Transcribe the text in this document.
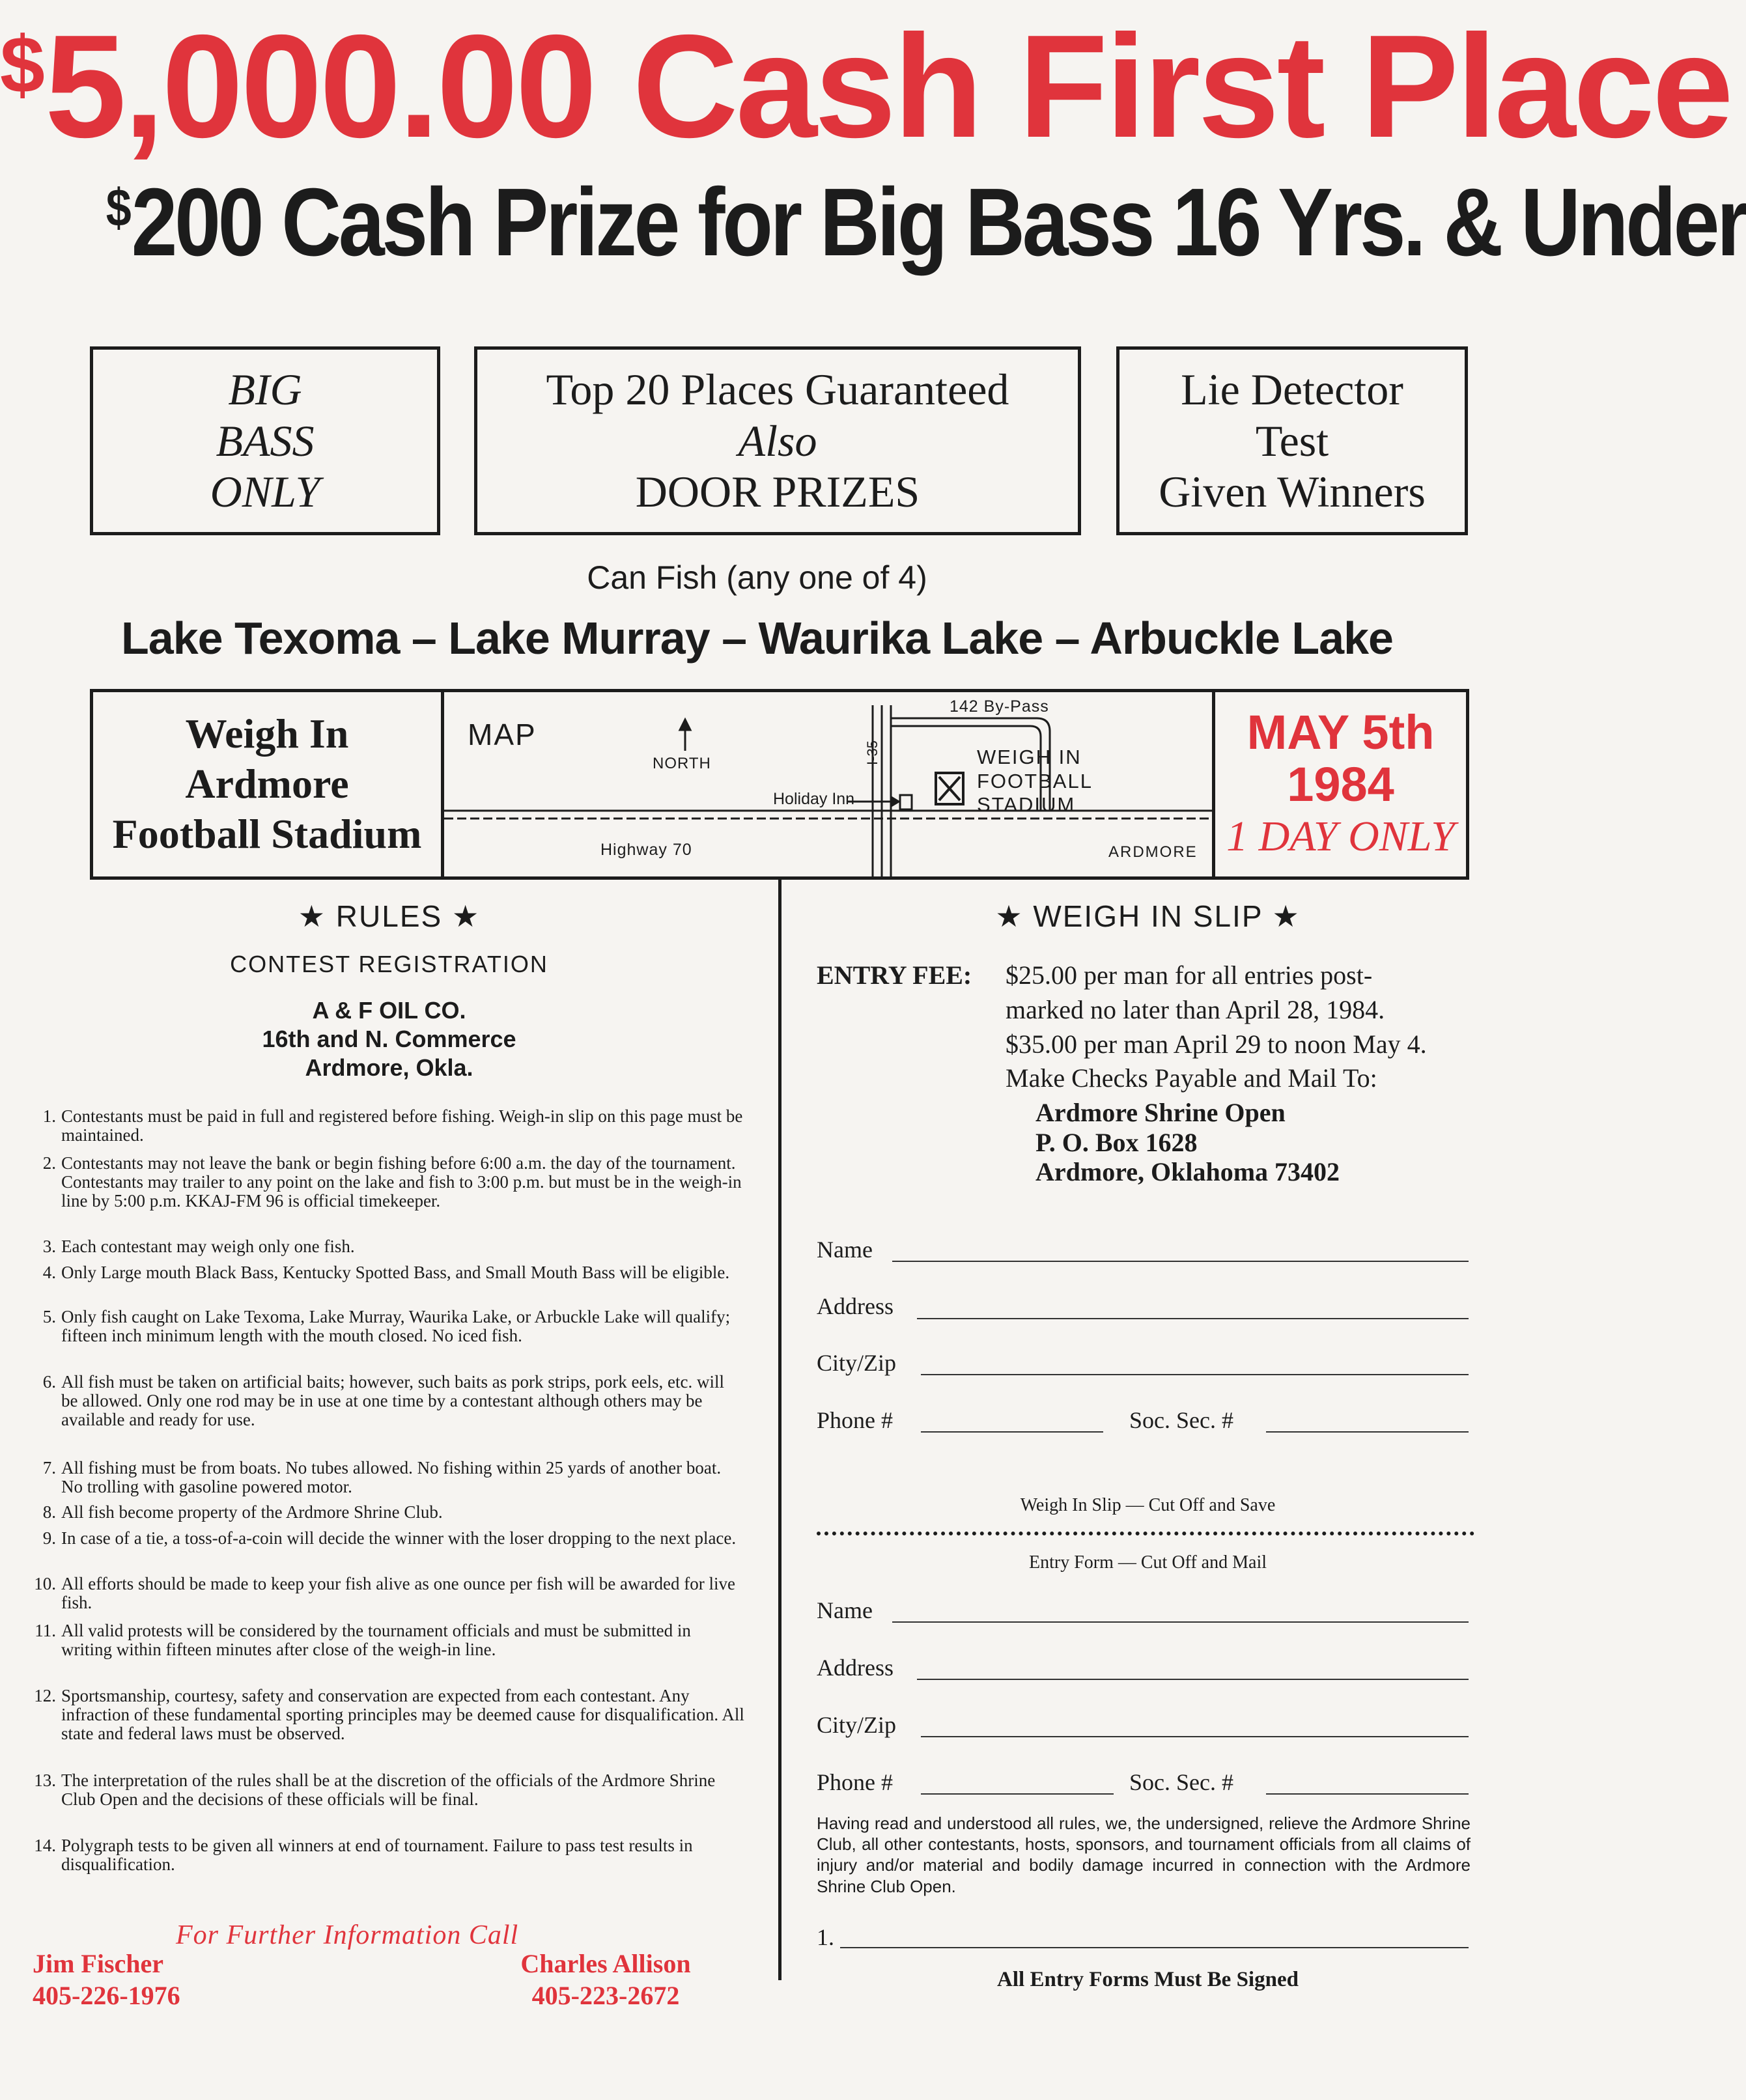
$5,000.00 Cash First Place
$200 Cash Prize for Big Bass 16 Yrs. & Under
BIG
BASS
ONLY
Top 20 Places Guaranteed
Also
DOOR PRIZES
Lie Detector
Test
Given Winners
Can Fish (any one of 4)
Lake Texoma – Lake Murray – Waurika Lake – Arbuckle Lake
Weigh In
Ardmore
Football Stadium
MAP
NORTH
142 By-Pass
I-35
Holiday Inn
WEIGH IN
FOOTBALL
STADIUM
Highway 70	ARDMORE
MAY 5th
1984
1 DAY ONLY
★ RULES ★
CONTEST REGISTRATION
A & F OIL CO.
16th and N. Commerce
Ardmore, Okla.
1. Contestants must be paid in full and registered before fishing. Weigh-in slip on this page must be maintained.
2. Contestants may not leave the bank or begin fishing before 6:00 a.m. the day of the tournament. Contestants may trailer to any point on the lake and fish to 3:00 p.m. but must be in the weigh-in line by 5:00 p.m. KKAJ-FM 96 is official timekeeper.
3. Each contestant may weigh only one fish.
4. Only Large mouth Black Bass, Kentucky Spotted Bass, and Small Mouth Bass will be eligible.
5. Only fish caught on Lake Texoma, Lake Murray, Waurika Lake, or Arbuckle Lake will qualify; fifteen inch minimum length with the mouth closed. No iced fish.
6. All fish must be taken on artificial baits; however, such baits as pork strips, pork eels, etc. will be allowed. Only one rod may be in use at one time by a contestant although others may be available and ready for use.
7. All fishing must be from boats. No tubes allowed. No fishing within 25 yards of another boat. No trolling with gasoline powered motor.
8. All fish become property of the Ardmore Shrine Club.
9. In case of a tie, a toss-of-a-coin will decide the winner with the loser dropping to the next place.
10. All efforts should be made to keep your fish alive as one ounce per fish will be awarded for live fish.
11. All valid protests will be considered by the tournament officials and must be submitted in writing within fifteen minutes after close of the weigh-in line.
12. Sportsmanship, courtesy, safety and conservation are expected from each contestant. Any infraction of these fundamental sporting principles may be deemed cause for disqualification. All state and federal laws must be observed.
13. The interpretation of the rules shall be at the discretion of the officials of the Ardmore Shrine Club Open and the decisions of these officials will be final.
14. Polygraph tests to be given all winners at end of tournament. Failure to pass test results in disqualification.
For Further Information Call
Jim Fischer
405-226-1976
Charles Allison
405-223-2672
★ WEIGH IN SLIP ★
ENTRY FEE: $25.00 per man for all entries post-
marked no later than April 28, 1984.
$35.00 per man April 29 to noon May 4.
Make Checks Payable and Mail To:
Ardmore Shrine Open
P. O. Box 1628
Ardmore, Oklahoma 73402
Name
Address
City/Zip
Phone #	Soc. Sec. #
Weigh In Slip — Cut Off and Save
Entry Form — Cut Off and Mail
Name
Address
City/Zip
Phone #	Soc. Sec. #
Having read and understood all rules, we, the undersigned, relieve the Ardmore Shrine Club, all other contestants, hosts, sponsors, and tournament officials from all claims of injury and/or material and bodily damage incurred in connection with the Ardmore Shrine Club Open.
1.
All Entry Forms Must Be Signed
